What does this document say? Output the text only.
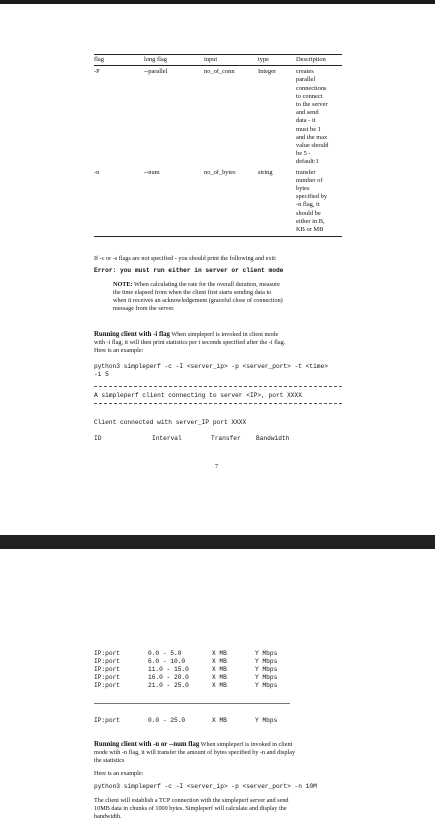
flag	long flag	input	type	Description
-P	--parallel	no_of_conn	Integer	creates
parallel
connections
to connect
to the server
and send
data - it
must be 1
and the max
value should
be 5 -
default:1
-n	--num	no_of_bytes	string	transfer
number of
bytes
specified by
-n flag, it
should be
either in B,
KB or MB
If -c or -s flags are not specified - you should print the following and exit:
Error: you must run either in server or client mode
NOTE: When calculating the rate for the overall duration, measure
the time elapsed from when the client first starts sending data to
when it receives an acknowledgement (graceful close of connection)
message from the server.
Running client with -i flag When simpleperf is invoked in client mode
with -i flag, it will then print statistics per t seconds specified after the -i flag.
Here is an example:
python3 simpleperf -c -I <server_ip> -p <server_port> -t <time>
-i 5
A simpleperf client connecting to server <IP>, port XXXX
Client connected with server_IP port XXXX
ID	Interval	Transfer Bandwidth
7
IP:port	0.0 - 5.0	X MB	Y Mbps
IP:port	6.0 - 10.0	X MB	Y Mbps
IP:port	11.0 - 15.0	X MB	Y Mbps
IP:port	16.0 - 20.0	X MB	Y Mbps
IP:port	21.0 - 25.0	X MB	Y Mbps
IP:port	0.0 - 25.0	X MB	Y Mbps
Running client with -n or --num flag When simpleperf is invoked in client
mode with -n flag, it will transfer the amount of bytes specified by -n and display
the statistics
Here is an example:
python3 simpleperf -c -I <server_ip> -p <server_port> -n 10M
The client will establish a TCP connection with the simpleperf server and send
10MB data in chunks of 1000 bytes. Simpleperf will calculate and display the
bandwidth.
